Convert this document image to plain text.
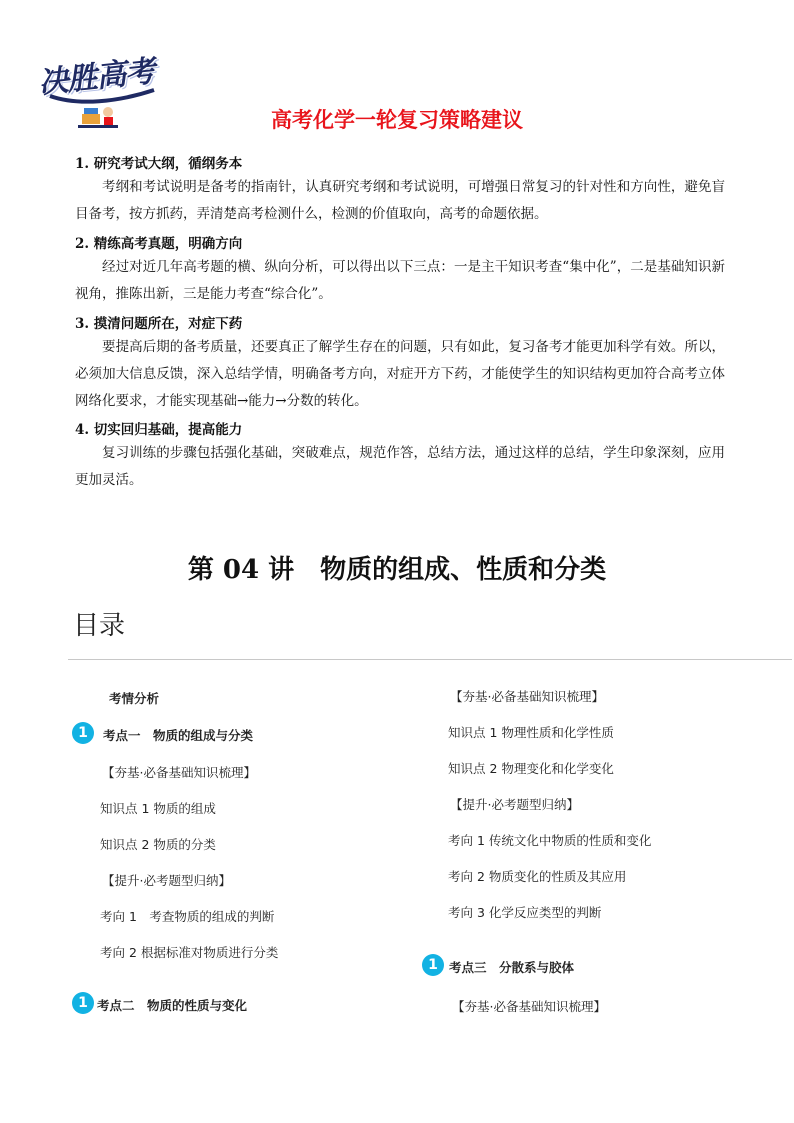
决胜高考
高考化学一轮复习策略建议
1. 研究考试大纲，循纲务本
考纲和考试说明是备考的指南针，认真研究考纲和考试说明，可增强日常复习的针对性和方向性，避免盲目备考，按方抓药，弄清楚高考检测什么，检测的价值取向，高考的命题依据。
2. 精练高考真题，明确方向
经过对近几年高考题的横、纵向分析，可以得出以下三点：一是主干知识考查“集中化”，二是基础知识新视角，推陈出新，三是能力考查“综合化”。
3. 摸清问题所在，对症下药
要提高后期的备考质量，还要真正了解学生存在的问题，只有如此，复习备考才能更加科学有效。所以，必须加大信息反馈，深入总结学情，明确备考方向，对症开方下药，才能使学生的知识结构更加符合高考立体网络化要求，才能实现基础→能力→分数的转化。
4. 切实回归基础，提高能力
复习训练的步骤包括强化基础，突破难点，规范作答，总结方法，通过这样的总结，学生印象深刻，应用更加灵活。
第 04 讲　物质的组成、性质和分类
目录
考情分析
1	考点一　物质的组成与分类
【夯基·必备基础知识梳理】
知识点 1 物质的组成
知识点 2 物质的分类
【提升·必考题型归纳】
考向 1　考查物质的组成的判断
考向 2 根据标准对物质进行分类
1 考点二　物质的性质与变化
【夯基·必备基础知识梳理】
知识点 1 物理性质和化学性质
知识点 2 物理变化和化学变化
【提升·必考题型归纳】
考向 1 传统文化中物质的性质和变化
考向 2 物质变化的性质及其应用
考向 3 化学反应类型的判断
1 考点三　分散系与胶体
【夯基·必备基础知识梳理】
